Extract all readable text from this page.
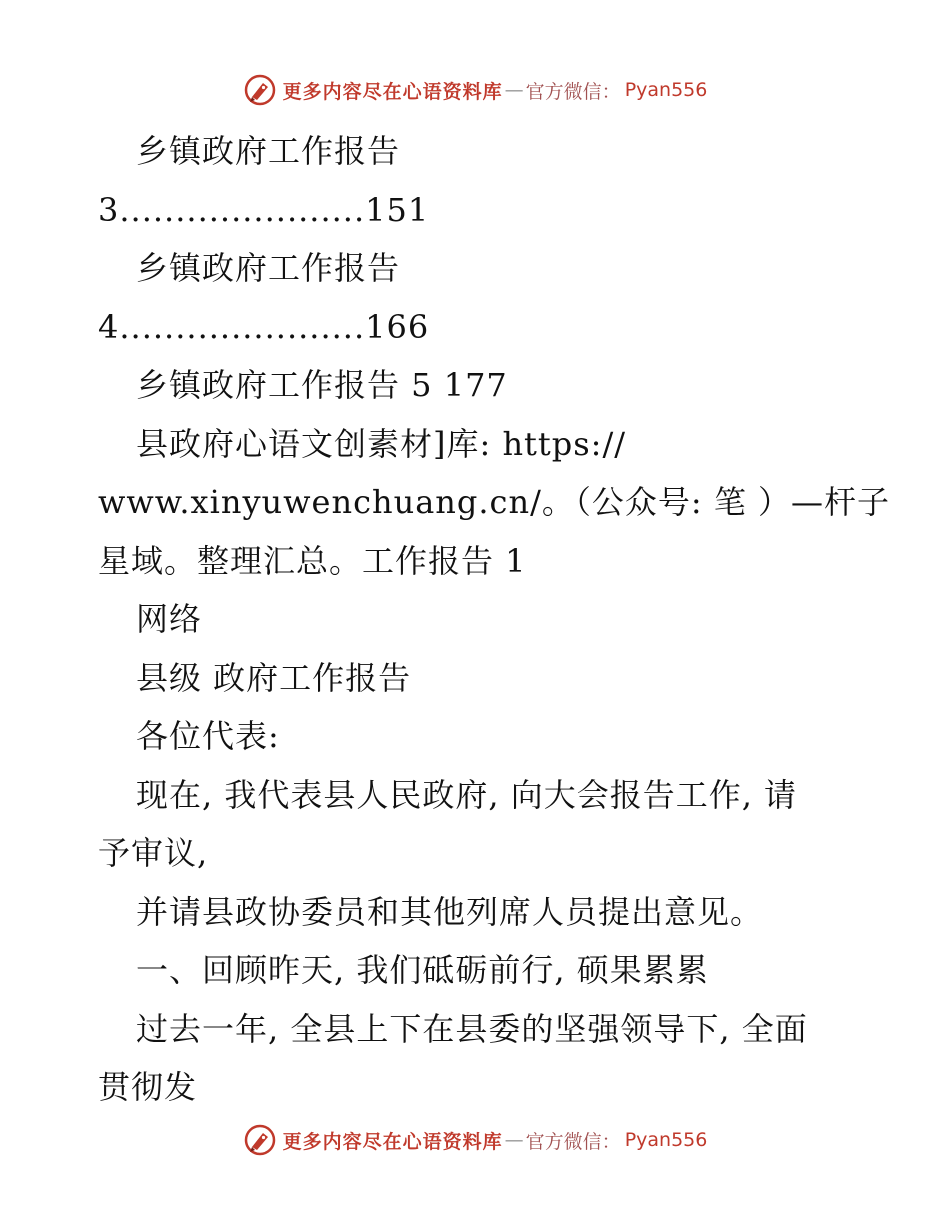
更多内容尽在心语资料库 — 官方微信： Pyan556
乡镇政府工作报告
3......................151
乡镇政府工作报告
4......................166
乡镇政府工作报告 5 177
县政府心语文创素材]库: https://
www.xinyuwenchuang.cn/。（公众号: 笔 ）—杆子
星域。整理汇总。工作报告 1
网络
县级 政府工作报告
各位代表:
现在, 我代表县人民政府, 向大会报告工作, 请
予审议,
并请县政协委员和其他列席人员提出意见。
一、回顾昨天, 我们砥砺前行, 硕果累累
过去一年, 全县上下在县委的坚强领导下, 全面
贯彻发
更多内容尽在心语资料库 — 官方微信： Pyan556
